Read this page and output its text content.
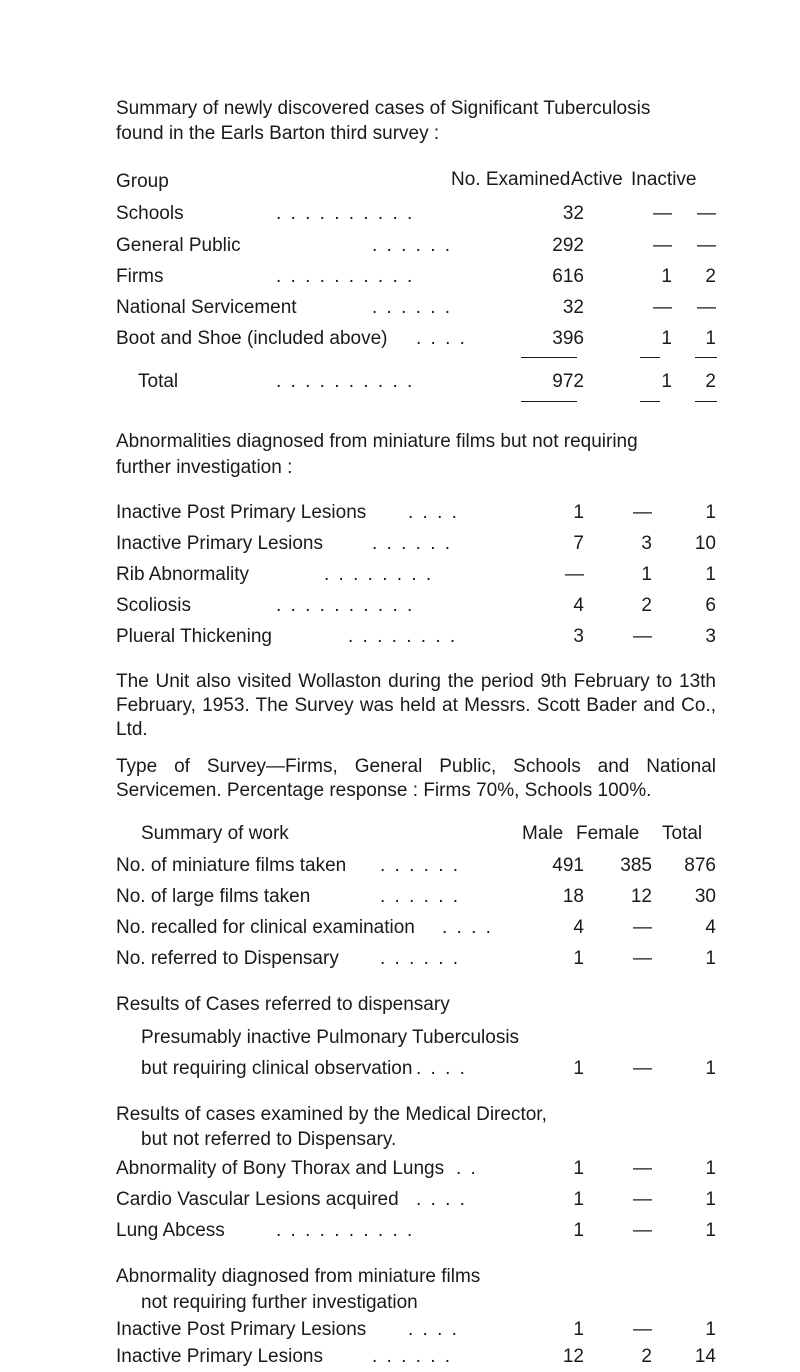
Summary of newly discovered cases of Significant Tuberculosis
found in the Earls Barton third survey :
Group	No. Examined Active Inactive
Schools	. . . . . . . . . .	32	—	—
General Public	. . . . . .	292	—	—
Firms	. . . . . . . . . .	616	1	2
National Servicement	. . . . . .	32	—	—
Boot and Shoe (included above) . . . .	396	1	1
Total	. . . . . . . . . .	972	1	2
Abnormalities diagnosed from miniature films but not requiring
further investigation :
Inactive Post Primary Lesions . . . .	1	—	1
Inactive Primary Lesions	. . . . . .	7	3	10
Rib Abnormality	. . . . . . . .	—	1	1
Scoliosis	. . . . . . . . . .	4	2	6
Plueral Thickening	. . . . . . . .	3	—	3
The Unit also visited Wollaston during the period 9th February to 13th February, 1953. The Survey was held at Messrs. Scott Bader and Co., Ltd.
Type of Survey—Firms, General Public, Schools and National Servicemen. Percentage response : Firms 70%, Schools 100%.
Summary of work	Male Female Total
No. of miniature films taken . . . . . .	491	385	876
No. of large films taken	. . . . . .	18	12	30
No. recalled for clinical examination . . . .	4	—	4
No. referred to Dispensary . . . . . .	1	—	1
Results of Cases referred to dispensary
Presumably inactive Pulmonary Tuberculosis
but requiring clinical observation . . . .	1	—	1
Results of cases examined by the Medical Director,
but not referred to Dispensary.
Abnormality of Bony Thorax and Lungs . .	1	—	1
Cardio Vascular Lesions acquired . . . .	1	—	1
Lung Abcess	. . . . . . . . . .	1	—	1
Abnormality diagnosed from miniature films
not requiring further investigation
Inactive Post Primary Lesions . . . .	1	—	1
Inactive Primary Lesions	. . . . . .	12	2	14
